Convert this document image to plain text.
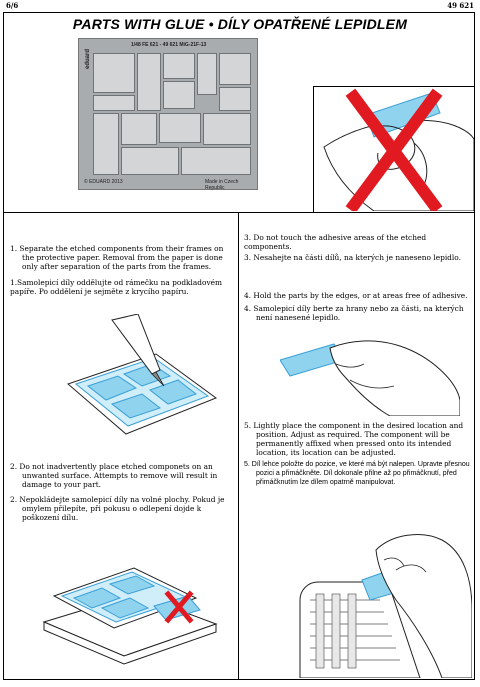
6/6	49 621
PARTS WITH GLUE • DÍLY OPATŘENÉ LEPIDLEM
1/48 FE 621 - 49 621 MiG-21F-13
eduard
© EDUARD 2013	Made in Czech Republic

1. Separate the etched components from their frames on the protective paper. Removal from the paper is done only after separation of the parts from the frames.

1.Samolepicí díly oddělujte od rámečku na podkladovém papíře. Po oddělení je sejměte z krycího papíru.

3. Do not touch the adhesive areas of the etched components.

3. Nesahejte na části dílů, na kterých je naneseno lepidlo.

4. Hold the parts by the edges, or at areas free of adhesive.

4. Samolepicí díly berte za hrany nebo za části, na kterých není nanesené lepidlo.

5. Lightly place the component in the desired location and position. Adjust as required. The component will be permanently affixed when pressed onto its intended location, its location can be adjusted.

5. Díl lehce položte do pozice, ve které má být nalepen. Upravte přesnou pozici a přimáčkněte. Díl dokonale přilne až po přimáčknutí, před přimáčknutím lze dílem opatrně manipulovat.

2. Do not inadvertently place etched componets on an unwanted surface. Attempts to remove will result in damage to your part.

2. Nepokládejte samolepicí díly na volné plochy. Pokud je omylem přilepíte, při pokusu o odlepení dojde k poškození dílu.
